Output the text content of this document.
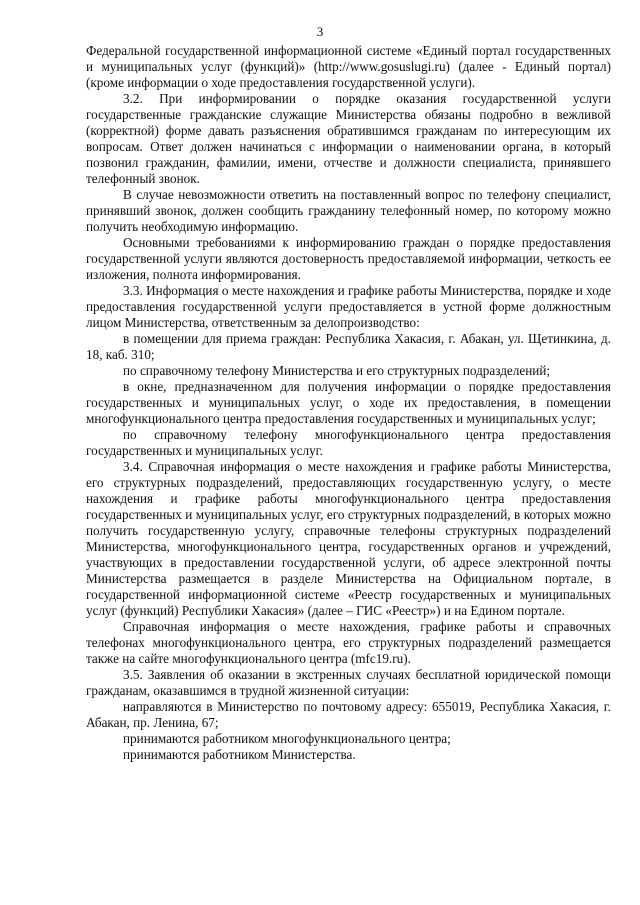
3

Федеральной государственной информационной системе «Единый портал государственных и муниципальных услуг (функций)» (http://www.gosuslugi.ru) (далее - Единый портал) (кроме информации о ходе предоставления государственной услуги).

3.2. При информировании о порядке оказания государственной услуги государственные гражданские служащие Министерства обязаны подробно в вежливой (корректной) форме давать разъяснения обратившимся гражданам по интересующим их вопросам. Ответ должен начинаться с информации о наименовании органа, в который позвонил гражданин, фамилии, имени, отчестве и должности специалиста, принявшего телефонный звонок.

В случае невозможности ответить на поставленный вопрос по телефону специалист, принявший звонок, должен сообщить гражданину телефонный номер, по которому можно получить необходимую информацию.

Основными требованиями к информированию граждан о порядке предоставления государственной услуги являются достоверность предоставляемой информации, четкость ее изложения, полнота информирования.

3.3. Информация о месте нахождения и графике работы Министерства, порядке и ходе предоставления государственной услуги предоставляется в устной форме должностным лицом Министерства, ответственным за делопроизводство:

в помещении для приема граждан: Республика Хакасия, г. Абакан, ул. Щетинкина, д. 18, каб. 310;

по справочному телефону Министерства и его структурных подразделений;

в окне, предназначенном для получения информации о порядке предоставления государственных и муниципальных услуг, о ходе их предоставления, в помещении многофункционального центра предоставления государственных и муниципальных услуг;

по справочному телефону многофункционального центра предоставления государственных и муниципальных услуг.

3.4. Справочная информация о месте нахождения и графике работы Министерства, его структурных подразделений, предоставляющих государственную услугу, о месте нахождения и графике работы многофункционального центра предоставления государственных и муниципальных услуг, его структурных подразделений, в которых можно получить государственную услугу, справочные телефоны структурных подразделений Министерства, многофункционального центра, государственных органов и учреждений, участвующих в предоставлении государственной услуги, об адресе электронной почты Министерства размещается в разделе Министерства на Официальном портале, в государственной информационной системе «Реестр государственных и муниципальных услуг (функций) Республики Хакасия» (далее – ГИС «Реестр») и на Едином портале.

Справочная информация о месте нахождения, графике работы и справочных телефонах многофункционального центра, его структурных подразделений размещается также на сайте многофункционального центра (mfc19.ru).

3.5. Заявления об оказании в экстренных случаях бесплатной юридической помощи гражданам, оказавшимся в трудной жизненной ситуации:

направляются в Министерство по почтовому адресу: 655019, Республика Хакасия, г. Абакан, пр. Ленина, 67;

принимаются работником многофункционального центра;

принимаются работником Министерства.
